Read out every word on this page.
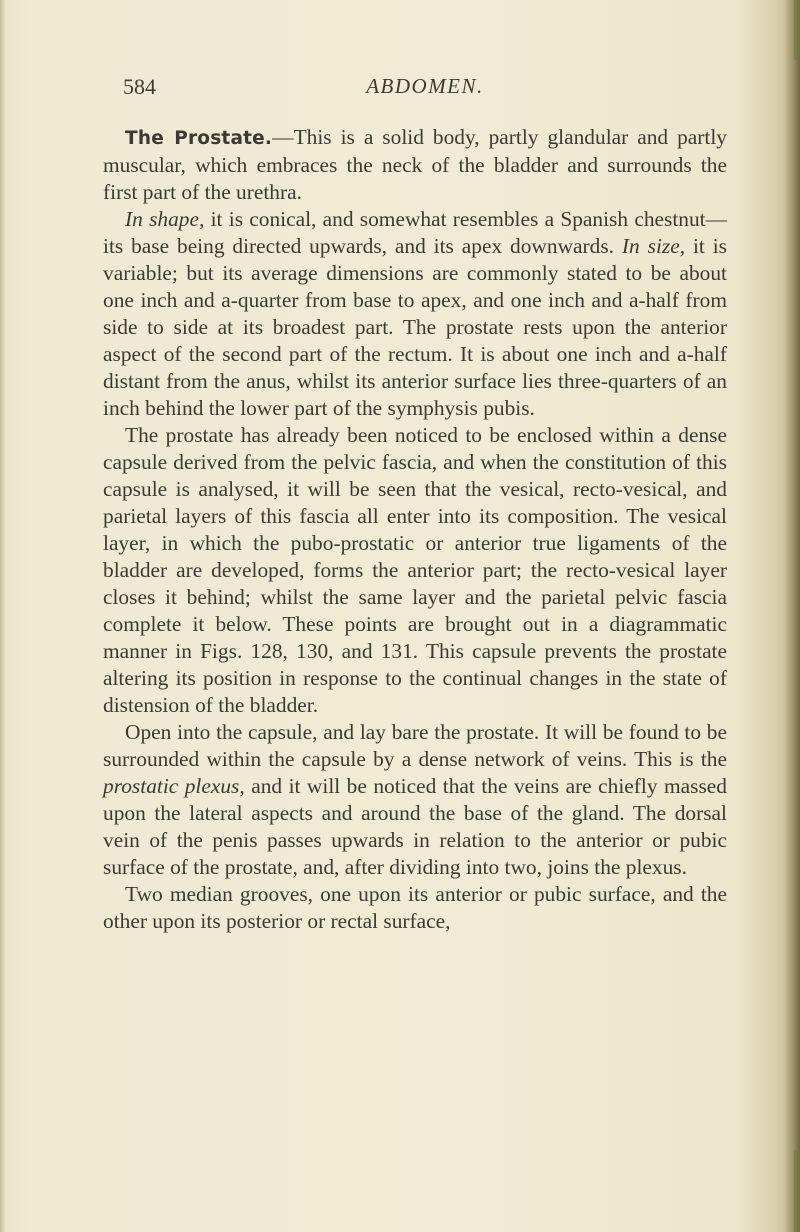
584	ABDOMEN.

The Prostate.—This is a solid body, partly glandular and partly muscular, which embraces the neck of the bladder and surrounds the first part of the urethra.

In shape, it is conical, and somewhat resembles a Spanish chestnut—its base being directed upwards, and its apex downwards. In size, it is variable; but its average dimensions are commonly stated to be about one inch and a-quarter from base to apex, and one inch and a-half from side to side at its broadest part. The prostate rests upon the anterior aspect of the second part of the rectum. It is about one inch and a-half distant from the anus, whilst its anterior surface lies three-quarters of an inch behind the lower part of the symphysis pubis.

The prostate has already been noticed to be enclosed within a dense capsule derived from the pelvic fascia, and when the constitution of this capsule is analysed, it will be seen that the vesical, recto-vesical, and parietal layers of this fascia all enter into its composition. The vesical layer, in which the pubo-prostatic or anterior true ligaments of the bladder are developed, forms the anterior part; the recto-vesical layer closes it behind; whilst the same layer and the parietal pelvic fascia complete it below. These points are brought out in a diagrammatic manner in Figs. 128, 130, and 131. This capsule prevents the prostate altering its position in response to the continual changes in the state of distension of the bladder.

Open into the capsule, and lay bare the prostate. It will be found to be surrounded within the capsule by a dense network of veins. This is the prostatic plexus, and it will be noticed that the veins are chiefly massed upon the lateral aspects and around the base of the gland. The dorsal vein of the penis passes upwards in relation to the anterior or pubic surface of the prostate, and, after dividing into two, joins the plexus.

Two median grooves, one upon its anterior or pubic surface, and the other upon its posterior or rectal surface,
